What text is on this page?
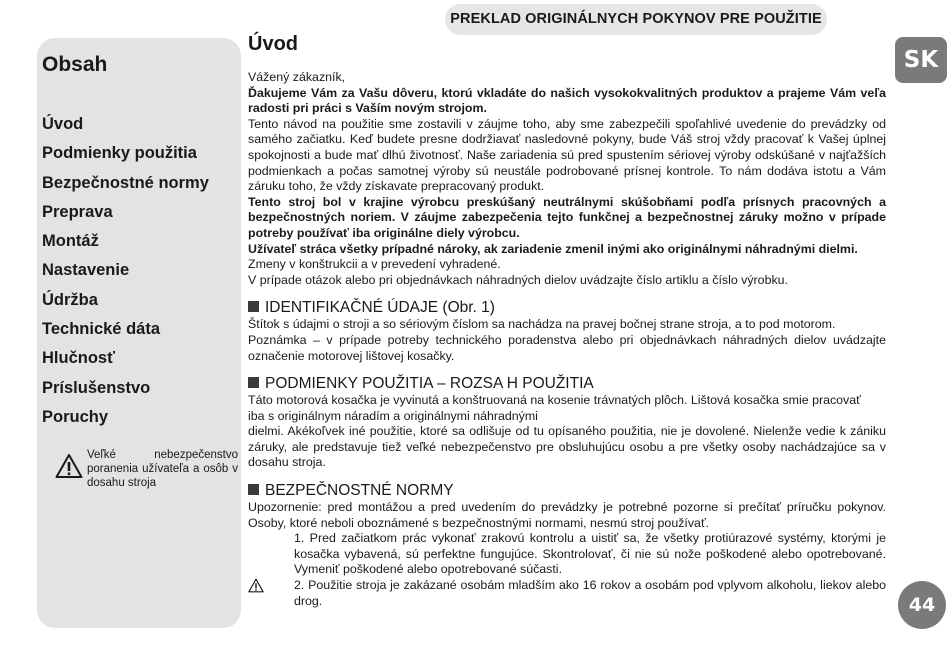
PREKLAD ORIGINÁLNYCH POKYNOV PRE POUŽITIE
Obsah
Úvod
Podmienky použitia
Bezpečnostné normy
Preprava
Montáž
Nastavenie
Údržba
Technické dáta
Hlučnosť
Príslušenstvo
Poruchy
Veľké nebezpečenstvo poranenia užívateľa a osôb v dosahu stroja
SK
44
Úvod

Vážený zákazník,

Ďakujeme Vám za Vašu dôveru, ktorú vkladáte do našich vysokokvalitných produktov a prajeme Vám veľa radosti pri práci s Vaším novým strojom.

Tento návod na použitie sme zostavili v záujme toho, aby sme zabezpečili spoľahlivé uvedenie do prevádzky od samého začiatku. Keď budete presne dodržiavať nasledovné pokyny, bude Váš stroj vždy pracovať k Vašej úplnej spokojnosti a bude mať dlhú životnosť. Naše zariadenia sú pred spustením sériovej výroby odskúšané v najťažších podmienkach a počas samotnej výroby sú neustále podrobované prísnej kontrole. To nám dodáva istotu a Vám záruku toho, že vždy získavate prepracovaný produkt.

Tento stroj bol v krajine výrobcu preskúšaný neutrálnymi skúšobňami podľa prísnych pracovných a bezpečnostných noriem. V záujme zabezpečenia tejto funkčnej a bezpečnostnej záruky možno v prípade potreby používať iba originálne diely výrobcu.

Užívateľ stráca všetky prípadné nároky, ak zariadenie zmenil inými ako originálnymi náhradnými dielmi.

Zmeny v konštrukcii a v prevedení vyhradené.

V prípade otázok alebo pri objednávkach náhradných dielov uvádzajte číslo artiklu a číslo výrobku.

IDENTIFIKAČNÉ ÚDAJE (Obr. 1)

Štítok s údajmi o stroji a so sériovým číslom sa nachádza na pravej bočnej strane stroja, a to pod motorom.

Poznámka – v prípade potreby technického poradenstva alebo pri objednávkach náhradných dielov uvádzajte označenie motorovej lištovej kosačky.

PODMIENKY POUŽITIA – ROZSA H POUŽITIA

Táto motorová kosačka je vyvinutá a konštruovaná na kosenie trávnatých plôch. Lištová kosačka smie pracovať

iba s originálnym náradím a originálnymi náhradnými

dielmi. Akékoľvek iné použitie, ktoré sa odlišuje od tu opísaného použitia, nie je dovolené. Nielenže vedie k zániku záruky, ale predstavuje tiež veľké nebezpečenstvo pre obsluhujúcu osobu a pre všetky osoby nachádzajúce sa v dosahu stroja.

BEZPEČNOSTNÉ NORMY

Upozornenie: pred montážou a pred uvedením do prevádzky je potrebné pozorne si prečítať príručku pokynov. Osoby, ktoré neboli oboznámené s bezpečnostnými normami, nesmú stroj používať.

1. Pred začiatkom prác vykonať zrakovú kontrolu a uistiť sa, že všetky protiúrazové systémy, ktorými je kosačka vybavená, sú perfektne fungujúce. Skontrolovať, či nie sú nože poškodené alebo opotrebované. Vymeniť poškodené alebo opotrebované súčasti.

2. Použitie stroja je zakázané osobám mladším ako 16 rokov a osobám pod vplyvom alkoholu, liekov alebo drog.
